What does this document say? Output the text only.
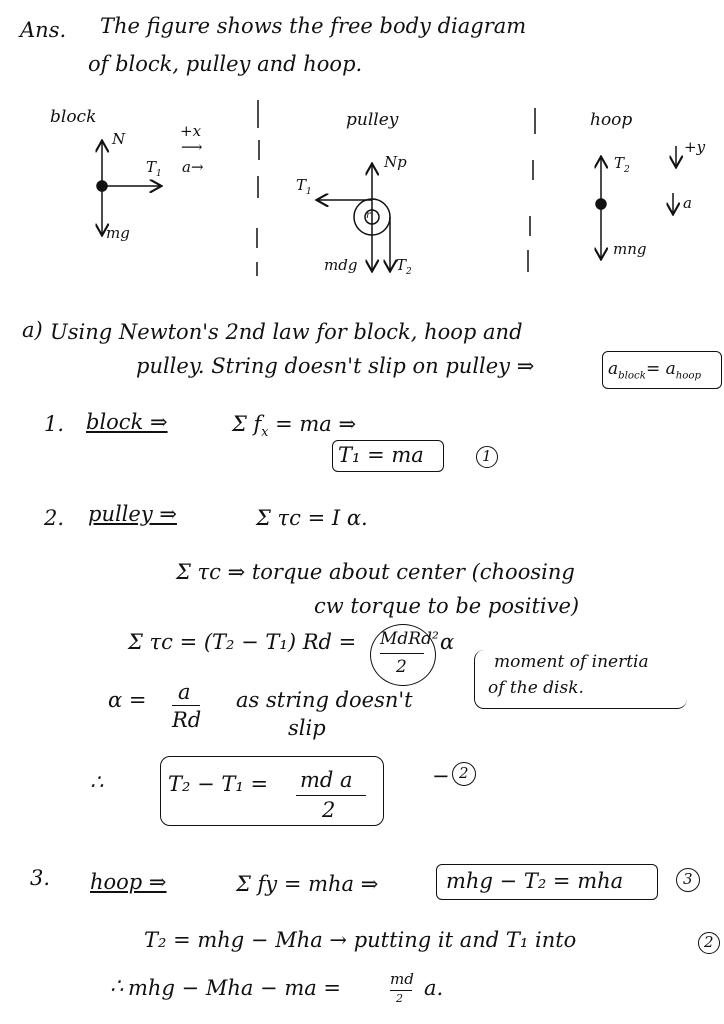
Ans. The figure shows the free body diagram
of block, pulley and hoop.
block
N	+x
⟶
$T_1$ a→
mg
pulley
Np
$T_1$
r
mdg	$T_2$
hoop
$T_2$
+y
a
mng
a) Using Newton's 2nd law for block, hoop and
pulley. String doesn't slip on pulley ⇒	$a_{block}= a_{hoop}$
1. block ⇒	Σ $f_x$ = ma ⇒
T₁ = ma	1
2. pulley ⇒	Σ τc = I α.
Σ τc ⇒ torque about center (choosing
cw torque to be positive)
Σ τc = (T₂ − T₁) Rd = MdRd²
2
α
moment of inertia
of the disk.
α = a
Rd
as string doesn't
slip
∴	T₂ − T₁ = md a
2
− 2
3. hoop ⇒	Σ fy = mha ⇒	mhg − T₂ = mha	3
T₂ = mhg − Mha → putting it and T₁ into	2
∴ mhg − Mha − ma =	md
2 a.
